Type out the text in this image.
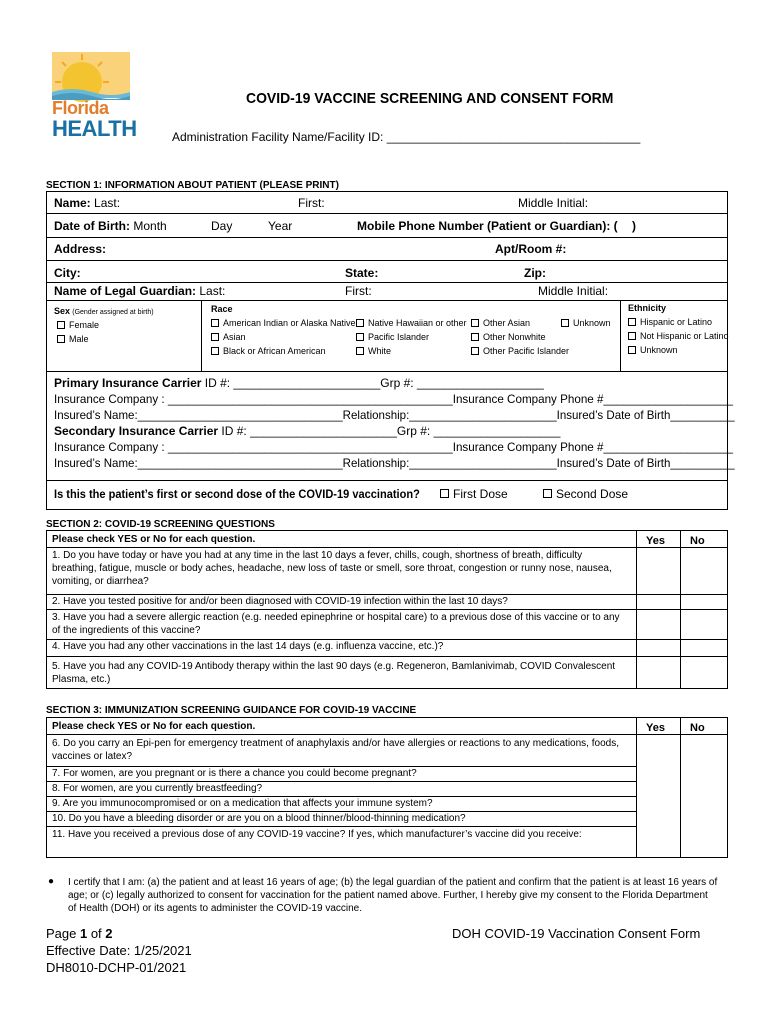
Florida
HEALTH
COVID-19 VACCINE SCREENING AND CONSENT FORM
Administration Facility Name/Facility ID: ______________________________________
SECTION 1: INFORMATION ABOUT PATIENT (PLEASE PRINT)
Name: Last:	First:	Middle Initial:
Date of Birth: Month	Day	Year	Mobile Phone Number (Patient or Guardian): ( )
Address:	Apt/Room #:
City:	State:	Zip:
Name of Legal Guardian: Last:	First:	Middle Initial:
Sex (Gender assigned at birth)
Female
Male
Race
American Indian or Alaska Native
Asian
Black or African American
Native Hawaiian or other
Pacific Islander
White
Other Asian
Other Nonwhite
Other Pacific Islander
Unknown
Ethnicity
Hispanic or Latino
Not Hispanic or Latino
Unknown
Primary Insurance Carrier ID #: ______________________Grp #: ___________________
Insurance Company : ____________________________________________Insurance Company Phone #____________________
Insured’s Name:________________________________Relationship:_______________________Insured’s Date of Birth__________
Secondary Insurance Carrier ID #: ______________________Grp #: ___________________
Insurance Company : ____________________________________________Insurance Company Phone #____________________
Insured’s Name:________________________________Relationship:_______________________Insured’s Date of Birth__________
Is this the patient’s first or second dose of the COVID-19 vaccination?	First Dose	Second Dose
SECTION 2: COVID-19 SCREENING QUESTIONS
Please check YES or No for each question.	Yes No
1. Do you have today or have you had at any time in the last 10 days a fever, chills, cough, shortness of breath, difficulty breathing, fatigue, muscle or body aches, headache, new loss of taste or smell, sore throat, congestion or runny nose, nausea, vomiting, or diarrhea?
2. Have you tested positive for and/or been diagnosed with COVID-19 infection within the last 10 days?
3. Have you had a severe allergic reaction (e.g. needed epinephrine or hospital care) to a previous dose of this vaccine or to any of the ingredients of this vaccine?
4. Have you had any other vaccinations in the last 14 days (e.g. influenza vaccine, etc.)?
5. Have you had any COVID-19 Antibody therapy within the last 90 days (e.g. Regeneron, Bamlanivimab, COVID Convalescent Plasma, etc.)
SECTION 3: IMMUNIZATION SCREENING GUIDANCE FOR COVID-19 VACCINE
Please check YES or No for each question.	Yes No
6. Do you carry an Epi-pen for emergency treatment of anaphylaxis and/or have allergies or reactions to any medications, foods, vaccines or latex?
7. For women, are you pregnant or is there a chance you could become pregnant?
8. For women, are you currently breastfeeding?
9. Are you immunocompromised or on a medication that affects your immune system?
10. Do you have a bleeding disorder or are you on a blood thinner/blood-thinning medication?
11. Have you received a previous dose of any COVID-19 vaccine? If yes, which manufacturer’s vaccine did you receive:
● I certify that I am: (a) the patient and at least 16 years of age; (b) the legal guardian of the patient and confirm that the patient is at least 16 years of age; or (c) legally authorized to consent for vaccination for the patient named above. Further, I hereby give my consent to the Florida Department of Health (DOH) or its agents to administer the COVID-19 vaccine.
Page 1 of 2
Effective Date: 1/25/2021
DH8010-DCHP-01/2021
DOH COVID-19 Vaccination Consent Form
